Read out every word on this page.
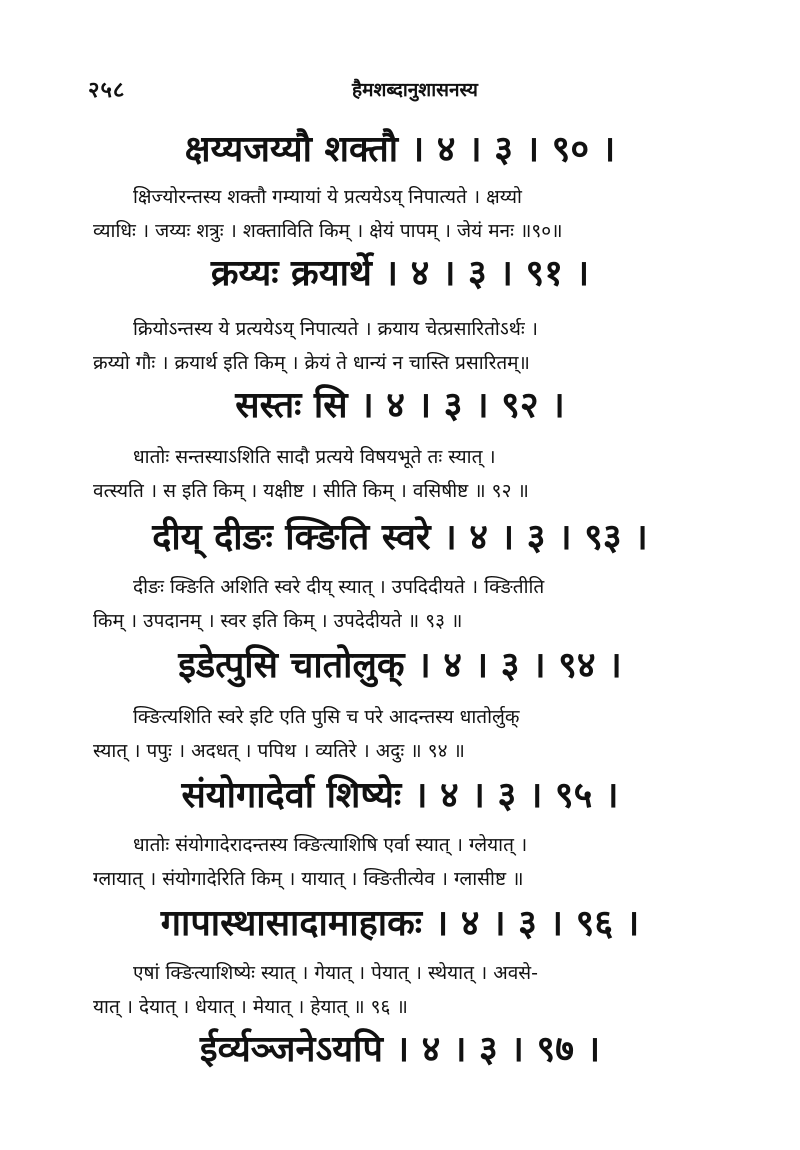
२५८	हैमशब्दानुशासनस्य
क्षय्यजय्यौ शक्तौ । ४ । ३ । ९० ।
क्षिज्योरन्तस्य शक्तौ गम्यायां ये प्रत्ययेऽय् निपात्यते । क्षय्यो
व्याधिः । जय्यः शत्रुः । शक्ताविति किम् । क्षेयं पापम् । जेयं मनः ॥९०॥
क्रय्यः क्रयार्थे । ४ । ३ । ९१ ।
क्रियोऽन्तस्य ये प्रत्ययेऽय् निपात्यते । क्रयाय चेत्प्रसारितोऽर्थः ।
क्रय्यो गौः । क्रयार्थ इति किम् । क्रेयं ते धान्यं न चास्ति प्रसारितम्॥
सस्तः सि । ४ । ३ । ९२ ।
धातोः सन्तस्याऽशिति सादौ प्रत्यये विषयभूते तः स्यात् ।
वत्स्यति । स इति किम् । यक्षीष्ट । सीति किम् । वसिषीष्ट ॥ ९२ ॥
दीय् दीङः क्ङिति स्वरे । ४ । ३ । ९३ ।
दीङः क्ङिति अशिति स्वरे दीय् स्यात् । उपदिदीयते । क्ङितीति
किम् । उपदानम् । स्वर इति किम् । उपदेदीयते ॥ ९३ ॥
इडेत्पुसि चातोलुक् । ४ । ३ । ९४ ।
क्ङित्यशिति स्वरे इटि एति पुसि च परे आदन्तस्य धातोर्लुक्
स्यात् । पपुः । अदधत् । पपिथ । व्यतिरे । अदुः ॥ ९४ ॥
संयोगादेर्वा शिष्येः । ४ । ३ । ९५ ।
धातोः संयोगादेरादन्तस्य क्ङित्याशिषि एर्वा स्यात् । ग्लेयात् ।
ग्लायात् । संयोगादेरिति किम् । यायात् । क्ङितीत्येव । ग्लासीष्ट ॥
गापास्थासादामाहाकः । ४ । ३ । ९६ ।
एषां क्ङित्याशिष्येः स्यात् । गेयात् । पेयात् । स्थेयात् । अवसे-
यात् । देयात् । धेयात् । मेयात् । हेयात् ॥ ९६ ॥
ईर्व्यञ्जनेऽयपि । ४ । ३ । ९७ ।
